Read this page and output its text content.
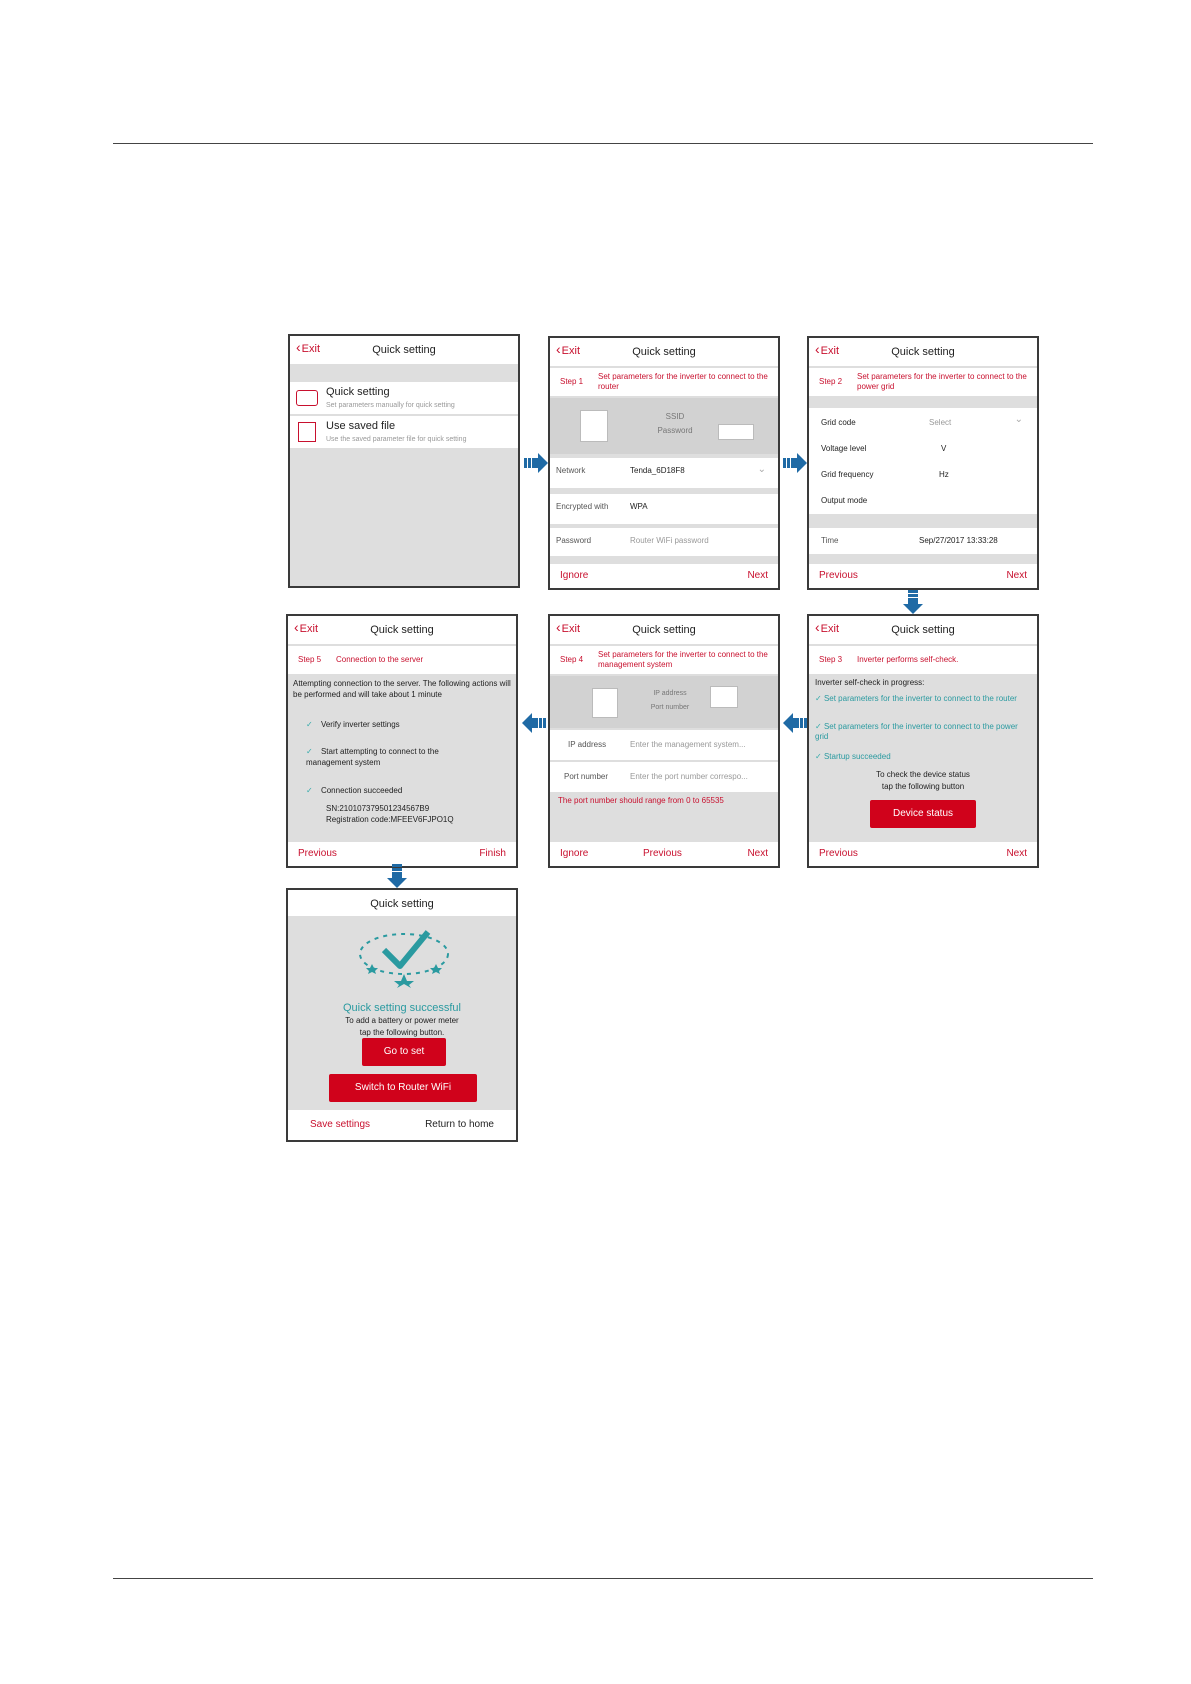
‹Exit	Quick setting
Quick setting
Set parameters manually for quick setting
Use saved file
Use the saved parameter file for quick setting
‹Exit	Quick setting
Step 1
Set parameters for the inverter to connect to the router
SSID
Password
Network	Tenda_6D18F8	⌄
Encrypted with	WPA
Password	Router WiFi password
Ignore	Next
‹Exit	Quick setting
Step 2
Set parameters for the inverter to connect to the power grid
Grid code	Select	⌄
Voltage level	V
Grid frequency	Hz
Output mode
Time	Sep/27/2017 13:33:28
Previous	Next
‹Exit	Quick setting
Step 3 Inverter performs self-check.
Inverter self-check in progress:
✓ Set parameters for the inverter to connect to the router
✓ Set parameters for the inverter to connect to the power grid
✓ Startup succeeded
To check the device status
tap the following button
Device status
Previous	Next
‹Exit	Quick setting
Step 4
Set parameters for the inverter to connect to the management system
IP address
Port number
IP address	Enter the management system...
Port number	Enter the port number correspo...
The port number should range from 0 to 65535
Ignore	Previous	Next
‹Exit	Quick setting
Step 5 Connection to the server
Attempting connection to the server. The following actions will be performed and will take about 1 minute
✓ Verify inverter settings
✓ Start attempting to connect to the management system
✓ Connection succeeded
SN:210107379501234567B9
Registration code:MFEEV6FJPO1Q
Previous	Finish
Quick setting
Quick setting successful
To add a battery or power meter
tap the following button.
Go to set
Switch to Router WiFi
Save settings	Return to home
